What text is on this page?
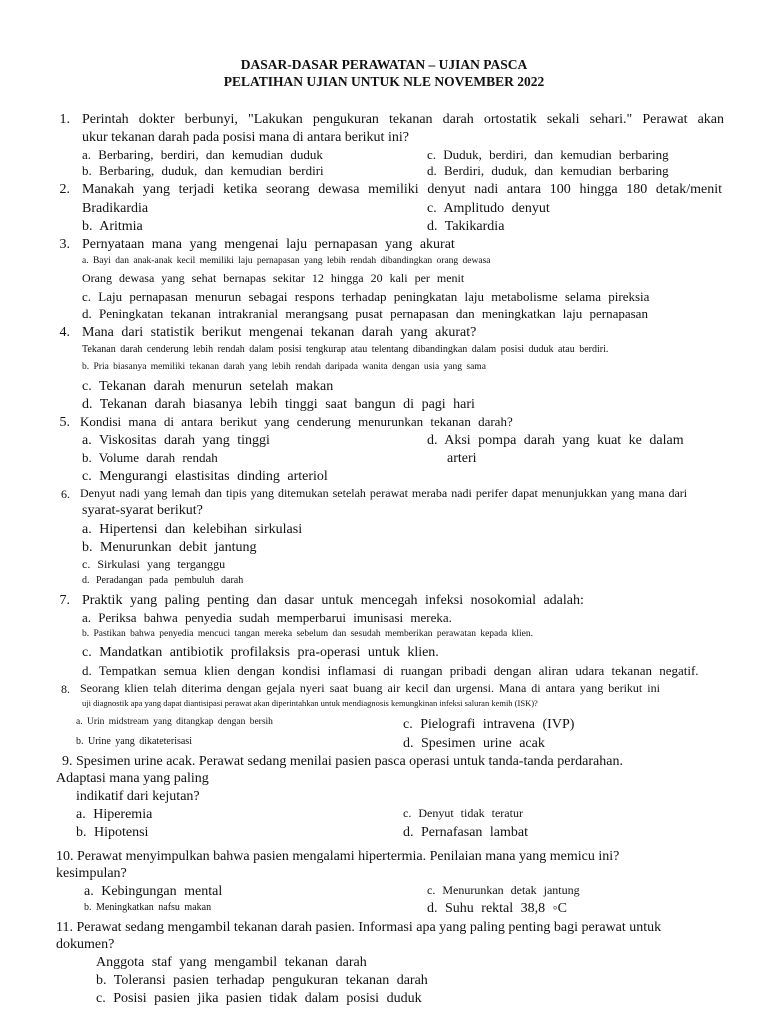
DASAR-DASAR PERAWATAN – UJIAN PASCA
PELATIHAN UJIAN UNTUK NLE NOVEMBER 2022
1. Perintah dokter berbunyi, "Lakukan pengukuran tekanan darah ortostatik sekali sehari." Perawat akan
ukur tekanan darah pada posisi mana di antara berikut ini?
a. Berbaring, berdiri, dan kemudian duduk
b. Berbaring, duduk, dan kemudian berdiri
c. Duduk, berdiri, dan kemudian berbaring
d. Berdiri, duduk, dan kemudian berbaring
2. Manakah yang terjadi ketika seorang dewasa memiliki denyut nadi antara 100 hingga 180 detak/menit
Bradikardia
b. Aritmia
c. Amplitudo denyut
d. Takikardia
3. Pernyataan mana yang mengenai laju pernapasan yang akurat
a. Bayi dan anak-anak kecil memiliki laju pernapasan yang lebih rendah dibandingkan orang dewasa
Orang dewasa yang sehat bernapas sekitar 12 hingga 20 kali per menit
c. Laju pernapasan menurun sebagai respons terhadap peningkatan laju metabolisme selama pireksia
d. Peningkatan tekanan intrakranial merangsang pusat pernapasan dan meningkatkan laju pernapasan
4. Mana dari statistik berikut mengenai tekanan darah yang akurat?
Tekanan darah cenderung lebih rendah dalam posisi tengkurap atau telentang dibandingkan dalam posisi duduk atau berdiri.
b. Pria biasanya memiliki tekanan darah yang lebih rendah daripada wanita dengan usia yang sama
c. Tekanan darah menurun setelah makan
d. Tekanan darah biasanya lebih tinggi saat bangun di pagi hari
5. Kondisi mana di antara berikut yang cenderung menurunkan tekanan darah?
a. Viskositas darah yang tinggi
b. Volume darah rendah
c. Mengurangi elastisitas dinding arteriol
d. Aksi pompa darah yang kuat ke dalam
arteri
6. Denyut nadi yang lemah dan tipis yang ditemukan setelah perawat meraba nadi perifer dapat menunjukkan yang mana dari
syarat-syarat berikut?
a. Hipertensi dan kelebihan sirkulasi
b. Menurunkan debit jantung
c. Sirkulasi yang terganggu
d. Peradangan pada pembuluh darah
7. Praktik yang paling penting dan dasar untuk mencegah infeksi nosokomial adalah:
a. Periksa bahwa penyedia sudah memperbarui imunisasi mereka.
b. Pastikan bahwa penyedia mencuci tangan mereka sebelum dan sesudah memberikan perawatan kepada klien.
c. Mandatkan antibiotik profilaksis pra-operasi untuk klien.
d. Tempatkan semua klien dengan kondisi inflamasi di ruangan pribadi dengan aliran udara tekanan negatif.
8. Seorang klien telah diterima dengan gejala nyeri saat buang air kecil dan urgensi. Mana di antara yang berikut ini
uji diagnostik apa yang dapat diantisipasi perawat akan diperintahkan untuk mendiagnosis kemungkinan infeksi saluran kemih (ISK)?
a. Urin midstream yang ditangkap dengan bersih
b. Urine yang dikateterisasi
c. Pielografi intravena (IVP)
d. Spesimen urine acak
9. Spesimen urine acak. Perawat sedang menilai pasien pasca operasi untuk tanda-tanda perdarahan.
Adaptasi mana yang paling
indikatif dari kejutan?
a. Hiperemia
b. Hipotensi
c. Denyut tidak teratur
d. Pernafasan lambat
10. Perawat menyimpulkan bahwa pasien mengalami hipertermia. Penilaian mana yang memicu ini?
kesimpulan?
a. Kebingungan mental
b. Meningkatkan nafsu makan
c. Menurunkan detak jantung
d. Suhu rektal 38,8 ◦C
11. Perawat sedang mengambil tekanan darah pasien. Informasi apa yang paling penting bagi perawat untuk
dokumen?
Anggota staf yang mengambil tekanan darah
b. Toleransi pasien terhadap pengukuran tekanan darah
c. Posisi pasien jika pasien tidak dalam posisi duduk
